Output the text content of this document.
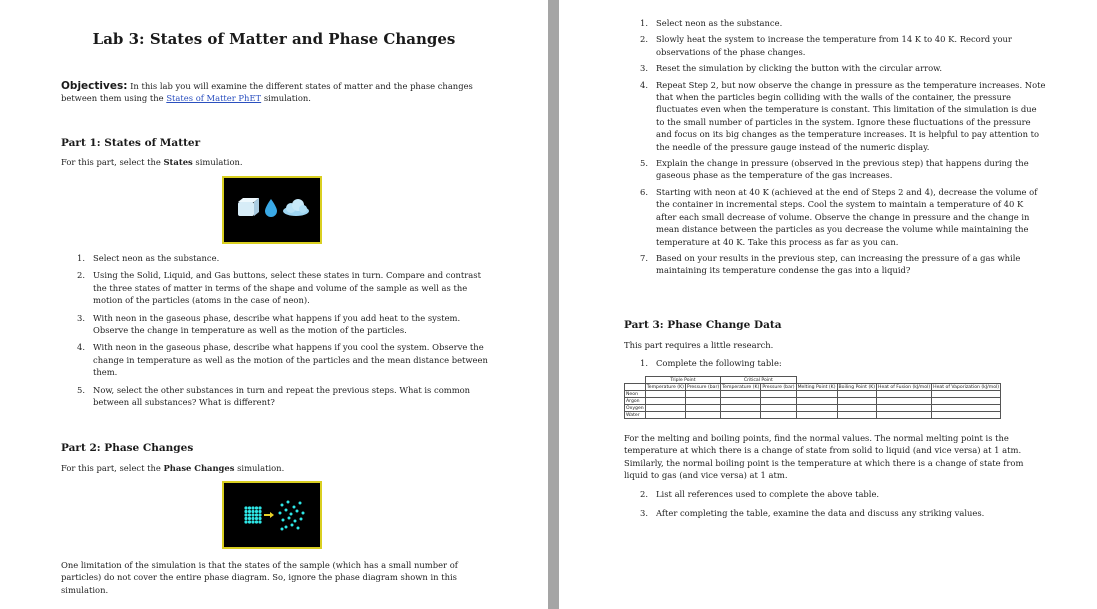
Lab 3: States of Matter and Phase Changes
Objectives: In this lab you will examine the different states of matter and the phase changes between them using the States of Matter PhET simulation.
Part 1: States of Matter
For this part, select the States simulation.
1. Select neon as the substance.
2. Using the Solid, Liquid, and Gas buttons, select these states in turn. Compare and contrast the three states of matter in terms of the shape and volume of the sample as well as the motion of the particles (atoms in the case of neon).
3. With neon in the gaseous phase, describe what happens if you add heat to the system. Observe the change in temperature as well as the motion of the particles.
4. With neon in the gaseous phase, describe what happens if you cool the system. Observe the change in temperature as well as the motion of the particles and the mean distance between them.
5. Now, select the other substances in turn and repeat the previous steps. What is common between all substances? What is different?
Part 2: Phase Changes
For this part, select the Phase Changes simulation.
One limitation of the simulation is that the states of the sample (which has a small number of particles) do not cover the entire phase diagram. So, ignore the phase diagram shown in this simulation.
1. Select neon as the substance.
2. Slowly heat the system to increase the temperature from 14 K to 40 K. Record your observations of the phase changes.
3. Reset the simulation by clicking the button with the circular arrow.
4. Repeat Step 2, but now observe the change in pressure as the temperature increases. Note that when the particles begin colliding with the walls of the container, the pressure fluctuates even when the temperature is constant. This limitation of the simulation is due to the small number of particles in the system. Ignore these fluctuations of the pressure and focus on its big changes as the temperature increases. It is helpful to pay attention to the needle of the pressure gauge instead of the numeric display.
5. Explain the change in pressure (observed in the previous step) that happens during the gaseous phase as the temperature of the gas increases.
6. Starting with neon at 40 K (achieved at the end of Steps 2 and 4), decrease the volume of the container in incremental steps. Cool the system to maintain a temperature of 40 K after each small decrease of volume. Observe the change in pressure and the change in mean distance between the particles as you decrease the volume while maintaining the temperature at 40 K. Take this process as far as you can.
7. Based on your results in the previous step, can increasing the pressure of a gas while maintaining its temperature condense the gas into a liquid?
Part 3: Phase Change Data
This part requires a little research.
1. Complete the following table:
	Triple Point		Critical Point					
	Temperature (K)	Pressure (bar)	Temperature (K)	Pressure (bar)	Melting Point (K)	Boiling Point (K)	Heat of Fusion (kJ/mol)	Heat of Vaporization (kJ/mol)
Neon								
Argon								
Oxygen								
Water								
For the melting and boiling points, find the normal values. The normal melting point is the temperature at which there is a change of state from solid to liquid (and vice versa) at 1 atm. Similarly, the normal boiling point is the temperature at which there is a change of state from liquid to gas (and vice versa) at 1 atm.
2. List all references used to complete the above table.
3. After completing the table, examine the data and discuss any striking values.
